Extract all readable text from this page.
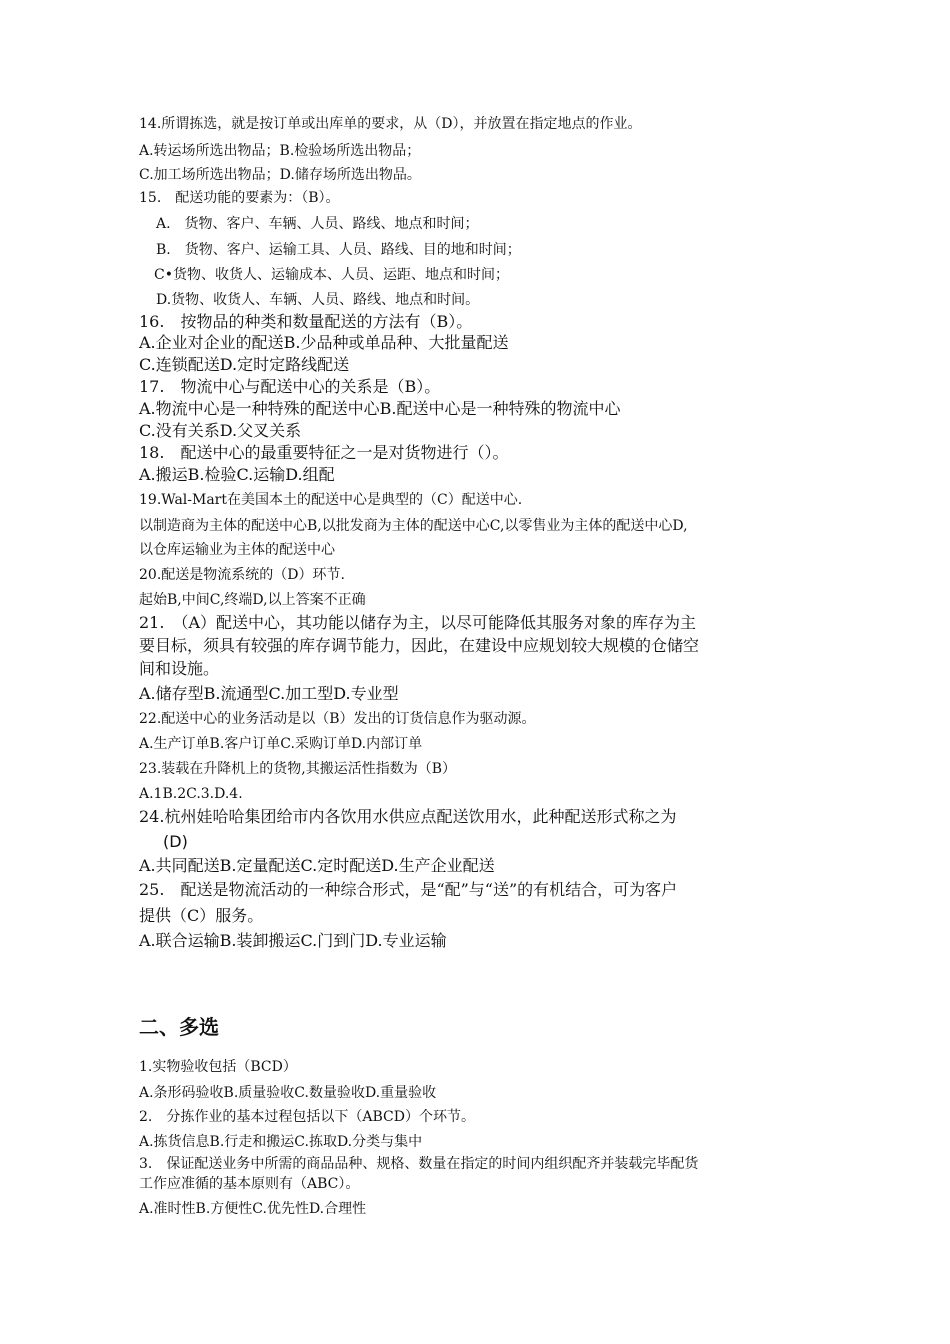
14.所谓拣选，就是按订单或出库单的要求，从（D），并放置在指定地点的作业。
A.转运场所选出物品；B.检验场所选出物品；
C.加工场所选出物品；D.储存场所选出物品。
15.　配送功能的要素为：（B）。
A.　货物、客户、车辆、人员、路线、地点和时间；
B.　货物、客户、运输工具、人员、路线、目的地和时间；
C•货物、收货人、运输成本、人员、运距、地点和时间；
D.货物、收货人、车辆、人员、路线、地点和时间。
16.　按物品的种类和数量配送的方法有（B）。
A.企业对企业的配送B.少品种或单品种、大批量配送
C.连锁配送D.定时定路线配送
17.　物流中心与配送中心的关系是（B）。
A.物流中心是一种特殊的配送中心B.配送中心是一种特殊的物流中心
C.没有关系D.父叉关系
18.　配送中心的最重要特征之一是对货物进行（）。
A.搬运B.检验C.运输D.组配
19.Wal-Mart在美国本土的配送中心是典型的（C）配送中心.
以制造商为主体的配送中心B,以批发商为主体的配送中心C,以零售业为主体的配送中心D,
以仓库运输业为主体的配送中心
20.配送是物流系统的（D）环节.
起始B,中间C,终端D,以上答案不正确
21.　（A）配送中心，其功能以储存为主，以尽可能降低其服务对象的库存为主
要目标，须具有较强的库存调节能力，因此，在建设中应规划较大规模的仓储空
间和设施。
A.储存型B.流通型C.加工型D.专业型
22.配送中心的业务活动是以（B）发出的订货信息作为驱动源。
A.生产订单B.客户订单C.采购订单D.内部订单
23.装载在升降机上的货物,其搬运活性指数为（B）
A.1B.2C.3.D.4.
24.杭州娃哈哈集团给市内各饮用水供应点配送饮用水，此种配送形式称之为
(D)
A.共同配送B.定量配送C.定时配送D.生产企业配送
25.　配送是物流活动的一种综合形式，是“配”与“送”的有机结合，可为客户
提供（C）服务。
A.联合运输B.装卸搬运C.门到门D.专业运输
二、多选
1.实物验收包括（BCD）
A.条形码验收B.质量验收C.数量验收D.重量验收
2.　分拣作业的基本过程包括以下（ABCD）个环节。
A.拣货信息B.行走和搬运C.拣取D.分类与集中
3.　保证配送业务中所需的商品品种、规格、数量在指定的时间内组织配齐并装载完毕配货
工作应准循的基本原则有（ABC）。
A.准时性B.方便性C.优先性D.合理性
